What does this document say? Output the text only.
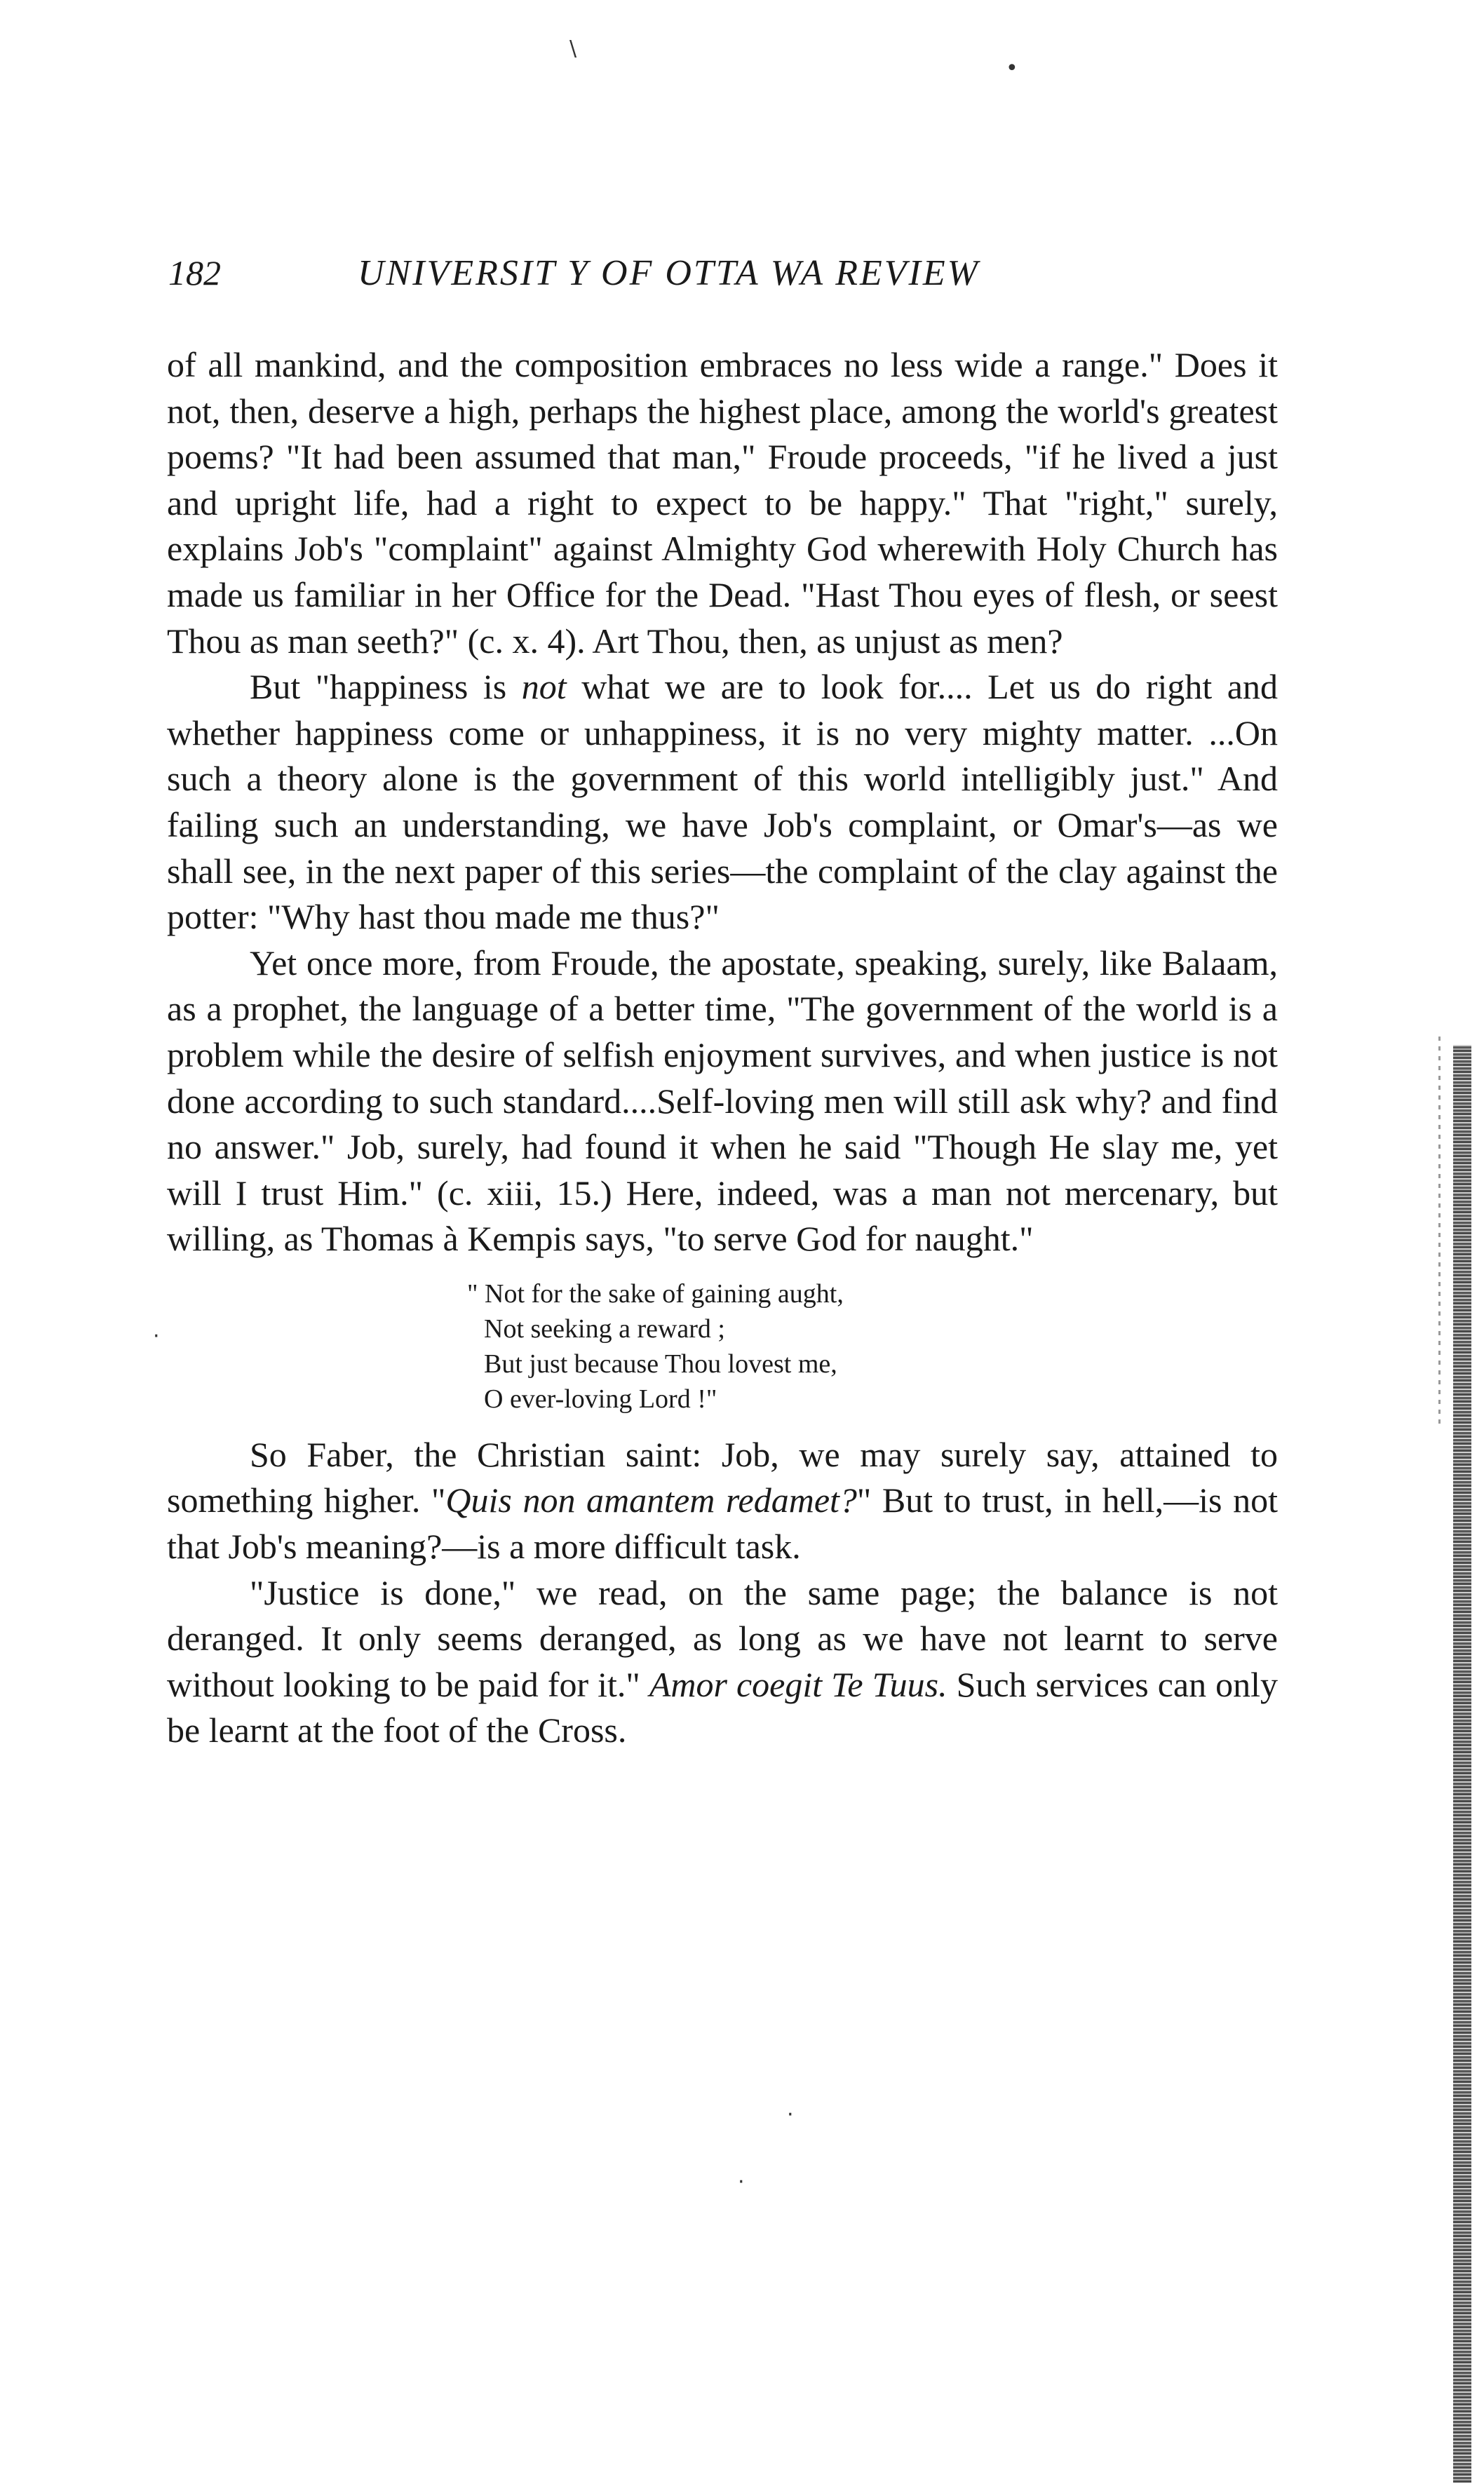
182	UNIVERSIT Y OF OTTA WA REVIEW
\
•

of all mankind, and the composition embraces no less wide a range." Does it not, then, deserve a high, perhaps the highest place, among the world's greatest poems? "It had been assumed that man," Froude proceeds, "if he lived a just and upright life, had a right to expect to be happy." That "right," surely, explains Job's "complaint" against Almighty God wherewith Holy Church has made us familiar in her Office for the Dead. "Hast Thou eyes of flesh, or seest Thou as man seeth?" (c. x. 4). Art Thou, then, as unjust as men?

But "happiness is not what we are to look for.... Let us do right and whether happiness come or unhappiness, it is no very mighty matter. ...On such a theory alone is the government of this world intelligibly just." And failing such an understanding, we have Job's complaint, or Omar's—as we shall see, in the next paper of this series—the complaint of the clay against the potter: "Why hast thou made me thus?"

Yet once more, from Froude, the apostate, speaking, surely, like Balaam, as a prophet, the language of a better time, "The government of the world is a problem while the desire of selfish enjoyment survives, and when justice is not done according to such standard....Self-loving men will still ask why? and find no answer." Job, surely, had found it when he said "Though He slay me, yet will I trust Him." (c. xiii, 15.) Here, indeed, was a man not mercenary, but willing, as Thomas à Kempis says, "to serve God for naught."

" Not for the sake of gaining aught,
Not seeking a reward ;
But just because Thou lovest me,
O ever-loving Lord !"

So Faber, the Christian saint: Job, we may surely say, attained to something higher. "Quis non amantem redamet?" But to trust, in hell,—is not that Job's meaning?—is a more difficult task.

"Justice is done," we read, on the same page; the balance is not deranged. It only seems deranged, as long as we have not learnt to serve without looking to be paid for it." Amor coegit Te Tuus. Such services can only be learnt at the foot of the Cross.

·
·
·
